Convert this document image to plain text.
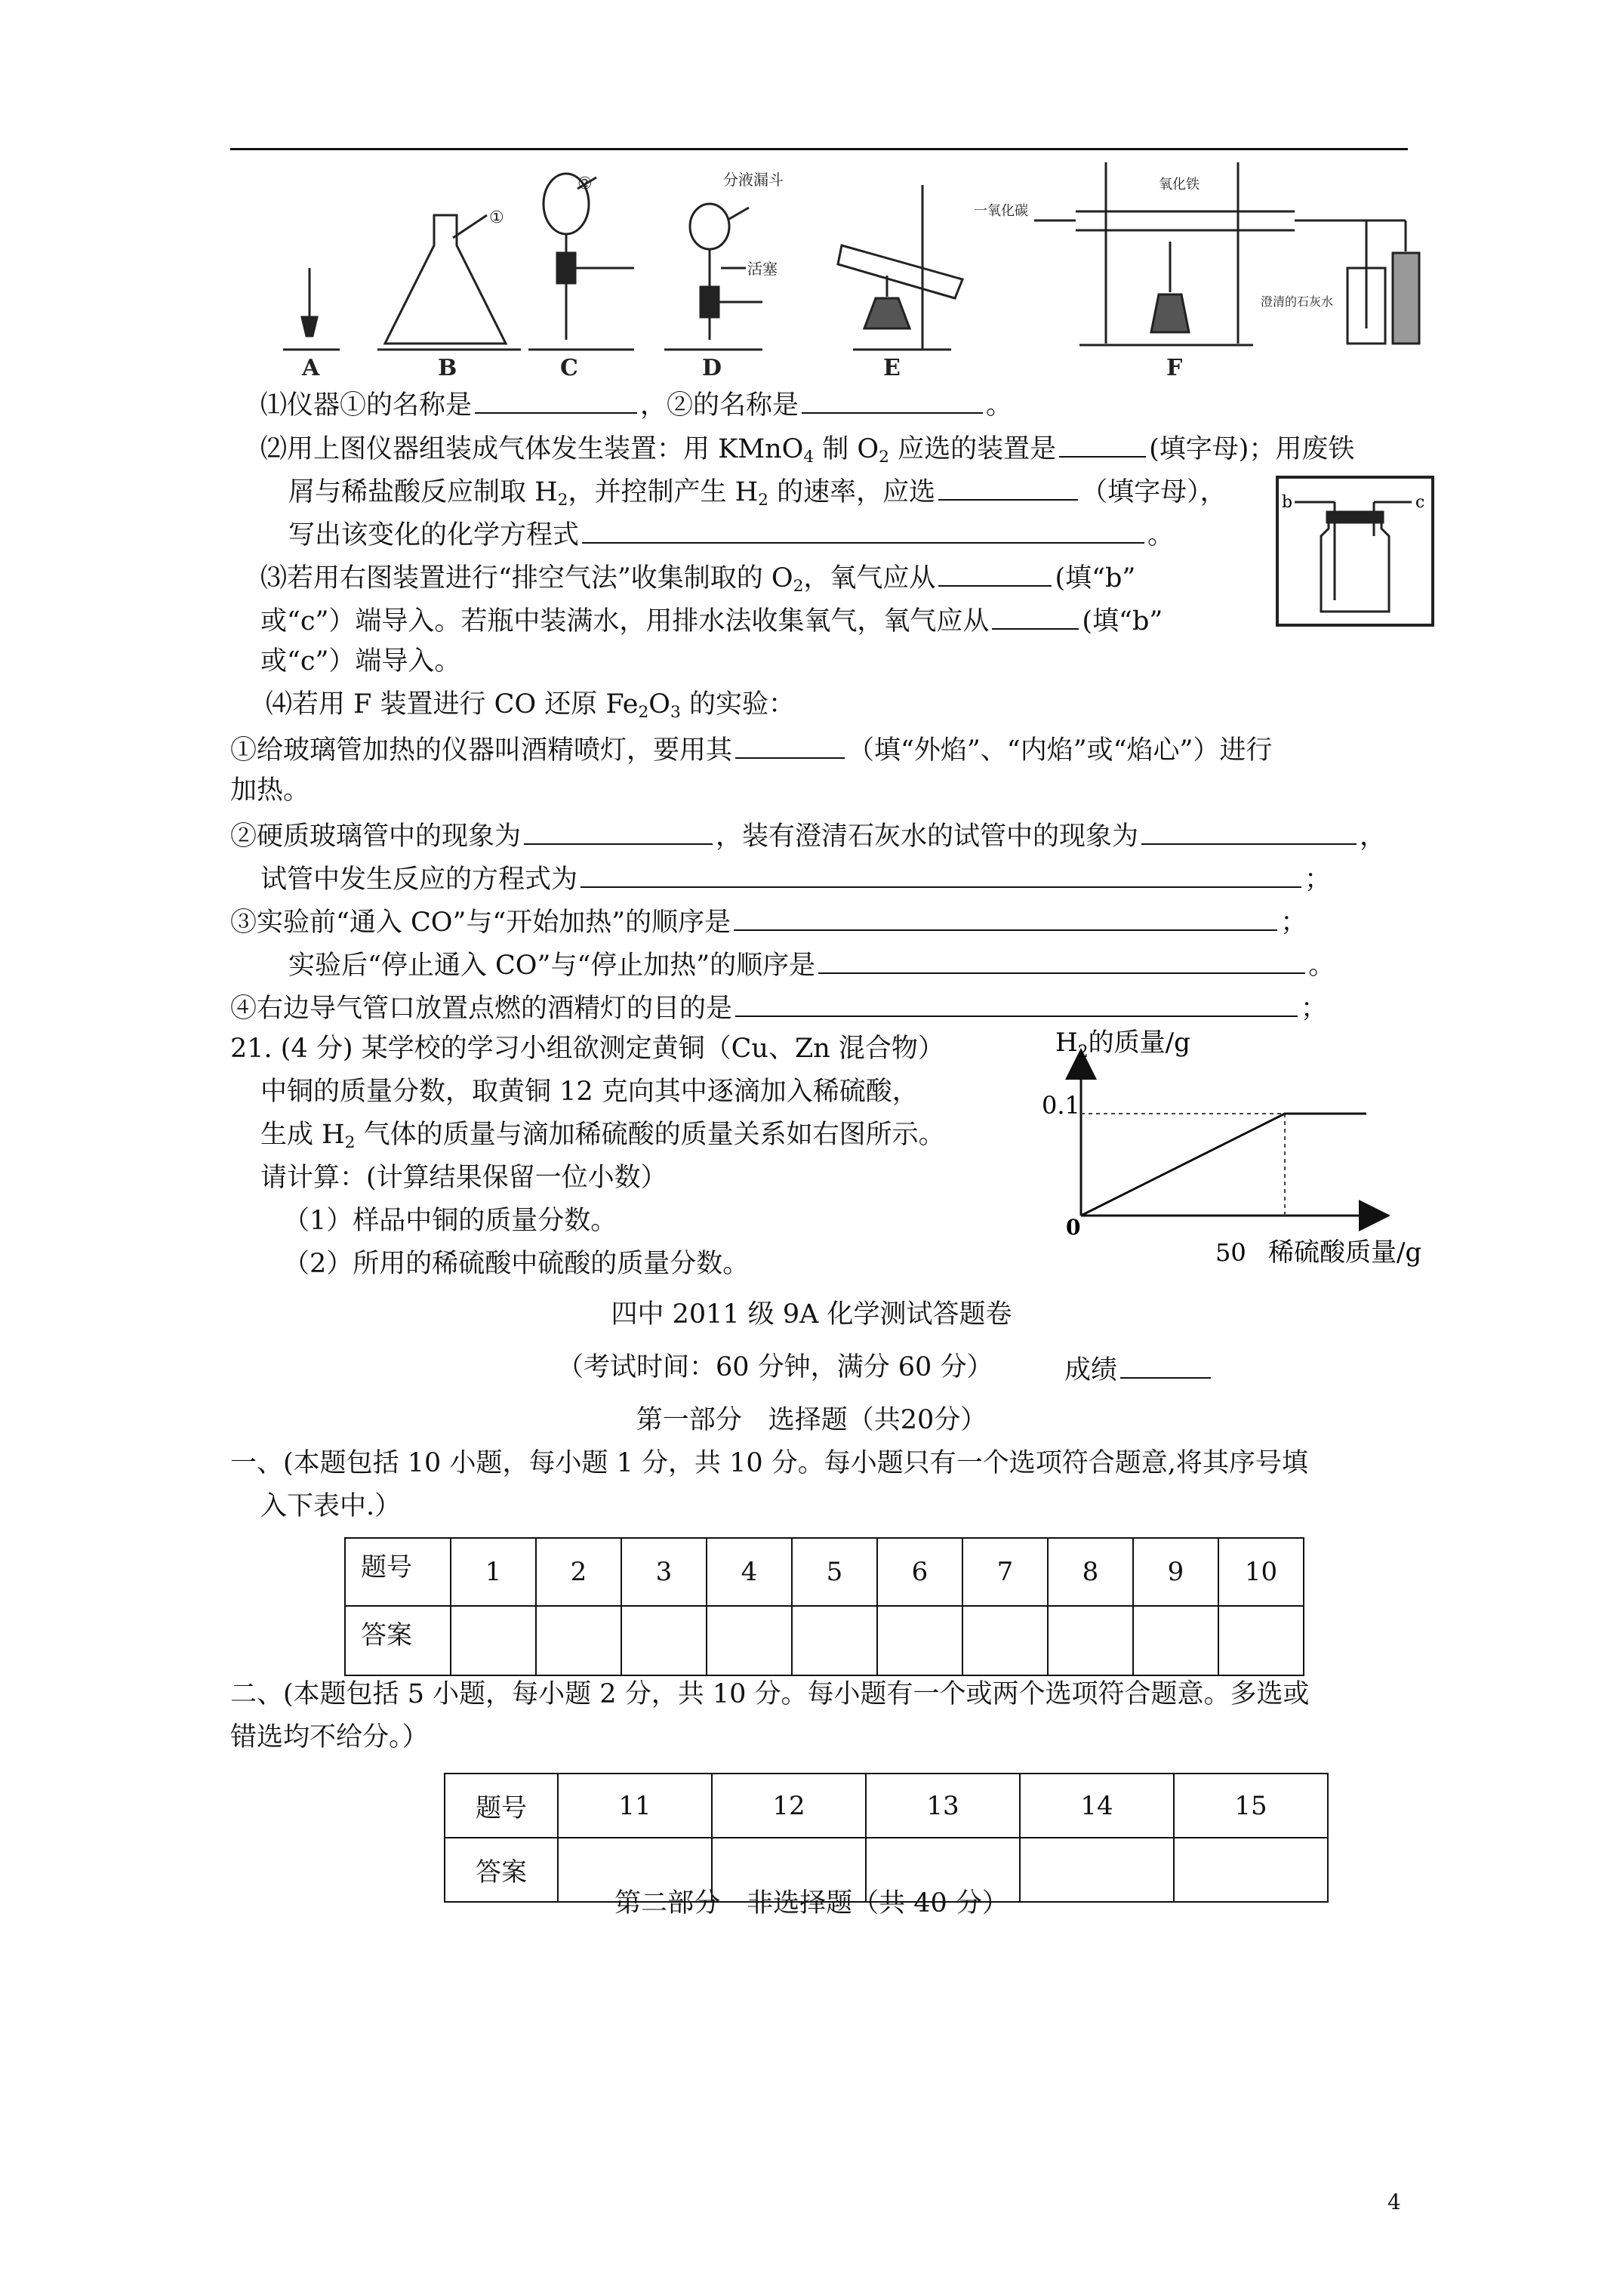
②
①
分液漏斗
活塞
一氧化碳
氧化铁
澄清的石灰水
A	B	C	D	E	F
⑴仪器①的名称是	，②的名称是	。
⑵用上图仪器组装成气体发生装置：用 KMnO$_4$ 制 $O_2$ 应选的装置是	(填字母)；用废铁
屑与稀盐酸反应制取 $H_2$，并控制产生 $H_2$ 的速率，应选	（填字母），
写出该变化的化学方程式	。
b	c
⑶若用右图装置进行“排空气法”收集制取的 $O_2$，氧气应从	(填“b”
或“c”）端导入。若瓶中装满水，用排水法收集氧气，氧气应从	(填“b”
或“c”）端导入。
⑷若用 F 装置进行 CO 还原 $Fe_2O_3$ 的实验：
①给玻璃管加热的仪器叫酒精喷灯，要用其	（填“外焰”、“内焰”或“焰心”）进行
加热。
②硬质玻璃管中的现象为	，装有澄清石灰水的试管中的现象为	，
试管中发生反应的方程式为	；
③实验前“通入 CO”与“开始加热”的顺序是	；
实验后“停止通入 CO”与“停止加热”的顺序是	。
④右边导气管口放置点燃的酒精灯的目的是	；
21. (4 分) 某学校的学习小组欲测定黄铜（Cu、Zn 混合物）
中铜的质量分数，取黄铜 12 克向其中逐滴加入稀硫酸，
生成 $H_2$ 气体的质量与滴加稀硫酸的质量关系如右图所示。
请计算：(计算结果保留一位小数）
（1）样品中铜的质量分数。
（2）所用的稀硫酸中硫酸的质量分数。
$H_2$的质量/g
0.1
0
50 稀硫酸质量/g
四中 2011 级 9A 化学测试答题卷
（考试时间：60 分钟，满分 60 分）	成绩
第一部分　选择题（共20分）
一、(本题包括 10 小题，每小题 1 分，共 10 分。每小题只有一个选项符合题意,将其序号填
入下表中.）
题号	1	2	3	4	5	6	7	8	9	10
答案										
二、(本题包括 5 小题，每小题 2 分，共 10 分。每小题有一个或两个选项符合题意。多选或
错选均不给分。）
题号	11	12	13	14	15
答案					
第二部分　非选择题（共 40 分）
4
